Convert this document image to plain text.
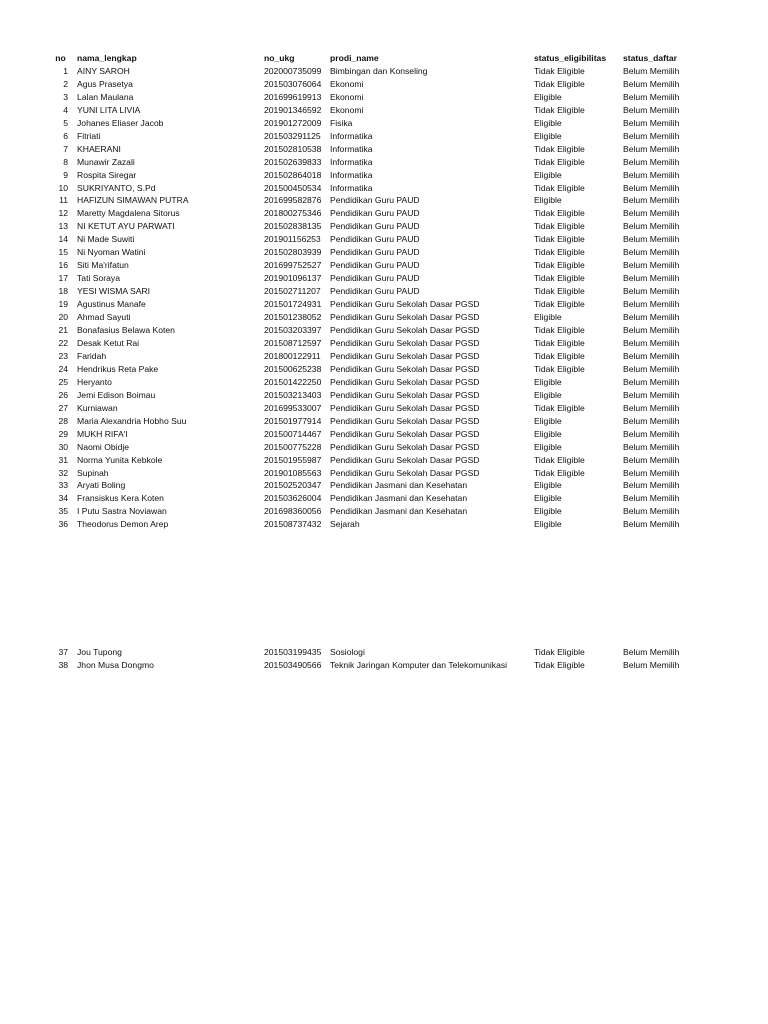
no	nama_lengkap	no_ukg	prodi_name	status_eligibilitas	status_daftar
1	AINY SAROH	202000735099	Bimbingan dan Konseling	Tidak Eligible	Belum Memilih
2	Agus Prasetya	201503076064	Ekonomi	Tidak Eligible	Belum Memilih
3	Lalan Maulana	201699619913	Ekonomi	Eligible	Belum Memilih
4	YUNI LITA LIVIA	201901346592	Ekonomi	Tidak Eligible	Belum Memilih
5	Johanes Eliaser Jacob	201901272009	Fisika	Eligible	Belum Memilih
6	Fitriati	201503291125	Informatika	Eligible	Belum Memilih
7	KHAERANI	201502810538	Informatika	Tidak Eligible	Belum Memilih
8	Munawir Zazali	201502639833	Informatika	Tidak Eligible	Belum Memilih
9	Rospita Siregar	201502864018	Informatika	Eligible	Belum Memilih
10	SUKRIYANTO, S.Pd	201500450534	Informatika	Tidak Eligible	Belum Memilih
11	HAFIZUN SIMAWAN PUTRA	201699582876	Pendidikan Guru PAUD	Eligible	Belum Memilih
12	Maretty Magdalena Sitorus	201800275346	Pendidikan Guru PAUD	Tidak Eligible	Belum Memilih
13	NI KETUT AYU PARWATI	201502838135	Pendidikan Guru PAUD	Tidak Eligible	Belum Memilih
14	Ni Made Suwiti	201901156253	Pendidikan Guru PAUD	Tidak Eligible	Belum Memilih
15	Ni Nyoman Watini	201502803939	Pendidikan Guru PAUD	Tidak Eligible	Belum Memilih
16	Siti Ma'rifatun	201699752527	Pendidikan Guru PAUD	Tidak Eligible	Belum Memilih
17	Tati Soraya	201901096137	Pendidikan Guru PAUD	Tidak Eligible	Belum Memilih
18	YESI WISMA SARI	201502711207	Pendidikan Guru PAUD	Tidak Eligible	Belum Memilih
19	Agustinus Manafe	201501724931	Pendidikan Guru Sekolah Dasar PGSD	Tidak Eligible	Belum Memilih
20	Ahmad Sayuti	201501238052	Pendidikan Guru Sekolah Dasar PGSD	Eligible	Belum Memilih
21	Bonafasius Belawa Koten	201503203397	Pendidikan Guru Sekolah Dasar PGSD	Tidak Eligible	Belum Memilih
22	Desak Ketut Rai	201508712597	Pendidikan Guru Sekolah Dasar PGSD	Tidak Eligible	Belum Memilih
23	Faridah	201800122911	Pendidikan Guru Sekolah Dasar PGSD	Tidak Eligible	Belum Memilih
24	Hendrikus Reta Pake	201500625238	Pendidikan Guru Sekolah Dasar PGSD	Tidak Eligible	Belum Memilih
25	Heryanto	201501422250	Pendidikan Guru Sekolah Dasar PGSD	Eligible	Belum Memilih
26	Jemi Edison Boimau	201503213403	Pendidikan Guru Sekolah Dasar PGSD	Eligible	Belum Memilih
27	Kurniawan	201699533007	Pendidikan Guru Sekolah Dasar PGSD	Tidak Eligible	Belum Memilih
28	Maria Alexandria Hobho Suu	201501977914	Pendidikan Guru Sekolah Dasar PGSD	Eligible	Belum Memilih
29	MUKH RIFA'I	201500714467	Pendidikan Guru Sekolah Dasar PGSD	Eligible	Belum Memilih
30	Naomi Obidje	201500775228	Pendidikan Guru Sekolah Dasar PGSD	Eligible	Belum Memilih
31	Norma Yunita Kebkole	201501955987	Pendidikan Guru Sekolah Dasar PGSD	Tidak Eligible	Belum Memilih
32	Supinah	201901085563	Pendidikan Guru Sekolah Dasar PGSD	Tidak Eligible	Belum Memilih
33	Aryati Boling	201502520347	Pendidikan Jasmani dan Kesehatan	Eligible	Belum Memilih
34	Fransiskus Kera Koten	201503626004	Pendidikan Jasmani dan Kesehatan	Eligible	Belum Memilih
35	I Putu Sastra Noviawan	201698360056	Pendidikan Jasmani dan Kesehatan	Eligible	Belum Memilih
36	Theodorus Demon Arep	201508737432	Sejarah	Eligible	Belum Memilih
37	Jou Tupong	201503199435	Sosiologi	Tidak Eligible	Belum Memilih
38	Jhon Musa Dongmo	201503490566	Teknik Jaringan Komputer dan Telekomunikasi	Tidak Eligible	Belum Memilih
